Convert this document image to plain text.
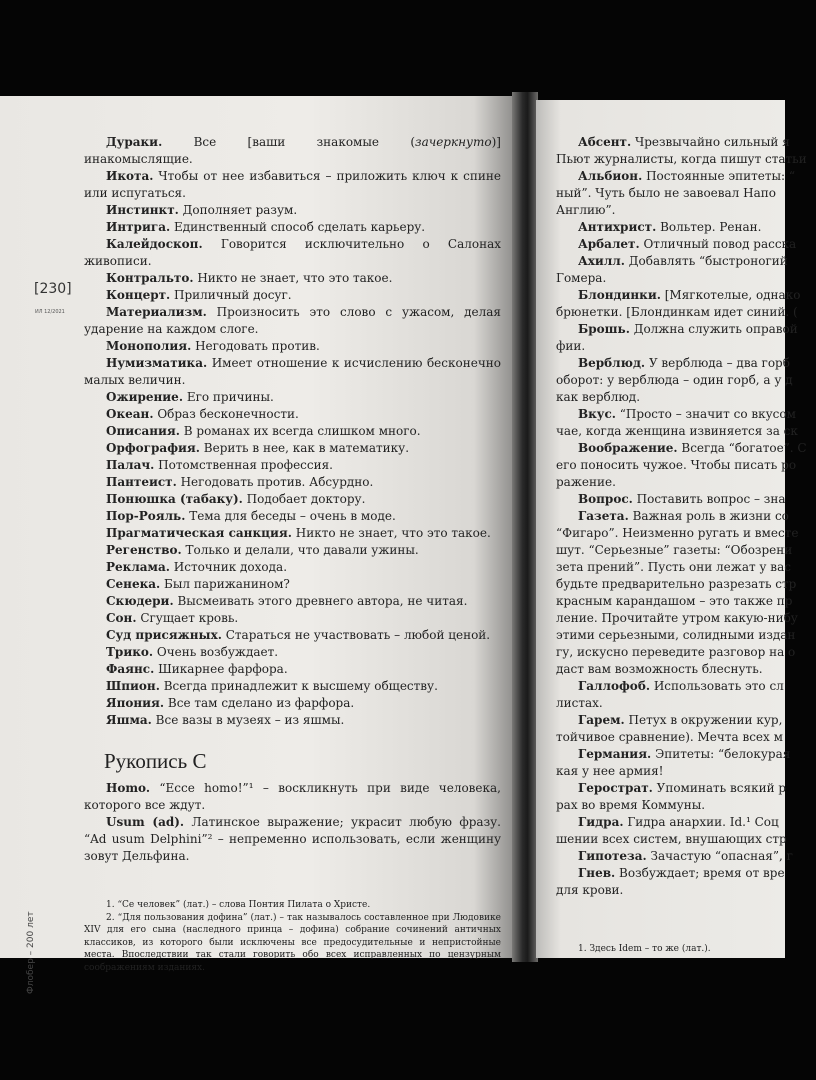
[230]
ИЛ 12/2021
Флобер – 200 лет

Абсент. Чрезвычайно сильный я

Пьют журналисты, когда пишут статьи

Альбион. Постоянные эпитеты: “

ный”. Чуть было не завоевал Напо

Англию”.

Антихрист. Вольтер. Ренан.

Арбалет. Отличный повод расска

Ахилл. Добавлять “быстроногий

Гомера.

Блондинки. [Мягкотелые, однако

брюнетки. [Блондинкам идет синий. (

Брошь. Должна служить оправой

фии.

Верблюд. У верблюда – два горб

оборот: у верблюда – один горб, а у д

как верблюд.

Вкус. “Просто – значит со вкусом

чае, когда женщина извиняется за ск

Воображение. Всегда “богатое”. С

его поносить чужое. Чтобы писать ро

ражение.

Вопрос. Поставить вопрос – зна

Газета. Важная роль в жизни со

“Фигаро”. Неизменно ругать и вместе

шут. “Серьезные” газеты: “Обозрени

зета прений”. Пусть они лежат у вас

будьте предварительно разрезать стр

красным карандашом – это также пр

ление. Прочитайте утром какую-нибу

этими серьезными, солидными издан

гу, искусно переведите разговор на о

даст вам возможность блеснуть.

Галлофоб. Использовать это сл

листах.

Гарем. Петух в окружении кур,

тойчивое сравнение). Мечта всех м

Германия. Эпитеты: “белокурая

кая у нее армия!

Герострат. Упоминать всякий р

рах во время Коммуны.

Гидра. Гидра анархии. Id.¹ Соц

шении всех систем, внушающих стр

Гипотеза. Зачастую “опасная”, г

Гнев. Возбуждает; время от вре

для крови.

1. Здесь Idem – то же (лат.).

Дураки. Все [ваши знакомые (зачеркнуто)] инакомыслящие.

Икота. Чтобы от нее избавиться – приложить ключ к спине или испугаться.

Инстинкт. Дополняет разум.

Интрига. Единственный способ сделать карьеру.

Калейдоскоп. Говорится исключительно о Салонах живописи.

Контральто. Никто не знает, что это такое.

Концерт. Приличный досуг.

Материализм. Произносить это слово с ужасом, делая ударение на каждом слоге.

Монополия. Негодовать против.

Нумизматика. Имеет отношение к исчислению бесконечно малых величин.

Ожирение. Его причины.

Океан. Образ бесконечности.

Описания. В романах их всегда слишком много.

Орфография. Верить в нее, как в математику.

Палач. Потомственная профессия.

Пантеист. Негодовать против. Абсурдно.

Понюшка (табаку). Подобает доктору.

Пор-Рояль. Тема для беседы – очень в моде.

Прагматическая санкция. Никто не знает, что это такое.

Регенство. Только и делали, что давали ужины.

Реклама. Источник дохода.

Сенека. Был парижанином?

Скюдери. Высмеивать этого древнего автора, не читая.

Сон. Сгущает кровь.

Суд присяжных. Стараться не участвовать – любой ценой.

Трико. Очень возбуждает.

Фаянс. Шикарнее фарфора.

Шпион. Всегда принадлежит к высшему обществу.

Япония. Все там сделано из фарфора.

Яшма. Все вазы в музеях – из яшмы.

Рукопись C

Homo. “Ecce homo!”¹ – воскликнуть при виде человека, которого все ждут.

Usum (ad). Латинское выражение; украсит любую фразу. “Ad usum Delphini”² – непременно использовать, если женщину зовут Дельфина.

1. “Се человек” (лат.) – слова Понтия Пилата о Христе.

2. “Для пользования дофина” (лат.) – так называлось составленное при Людовике XIV для его сына (наследного принца – дофина) собрание сочинений античных классиков, из которого были исключены все предосудительные и непристойные места. Впоследствии так стали говорить обо всех исправленных по цензурным соображениям изданиях.
